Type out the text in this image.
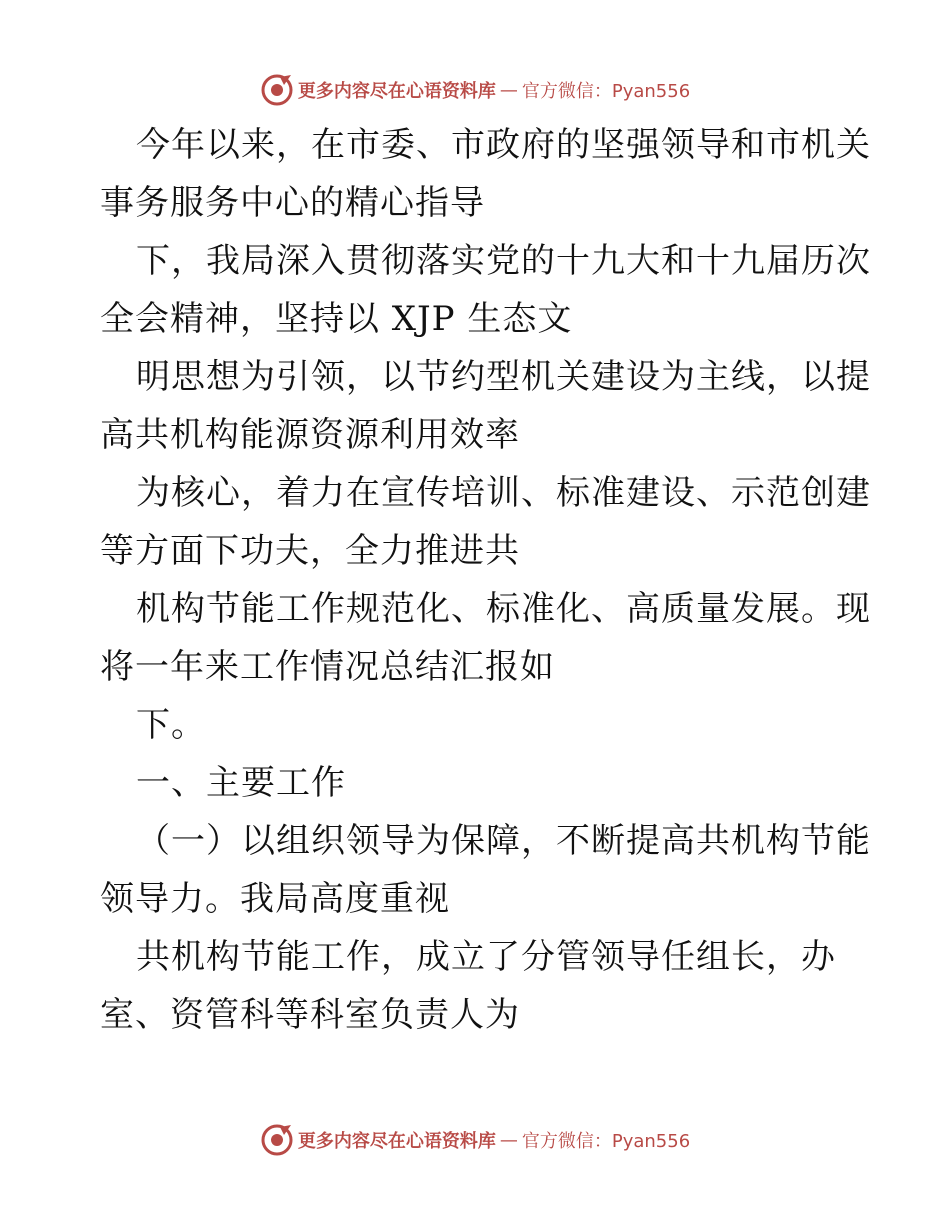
更多内容尽在心语资料库 — 官方微信：Pyan556
今年以来，在市委、市政府的坚强领导和市机关
事务服务中心的精心指导
下，我局深入贯彻落实党的十九大和十九届历次
全会精神，坚持以 XJP 生态文
明思想为引领，以节约型机关建设为主线，以提
高共机构能源资源利用效率
为核心，着力在宣传培训、标准建设、示范创建
等方面下功夫，全力推进共
机构节能工作规范化、标准化、高质量发展。现
将一年来工作情况总结汇报如
下。
一、主要工作
（一）以组织领导为保障，不断提高共机构节能
领导力。我局高度重视
共机构节能工作，成立了分管领导任组长，办
室、资管科等科室负责人为
更多内容尽在心语资料库 — 官方微信：Pyan556
